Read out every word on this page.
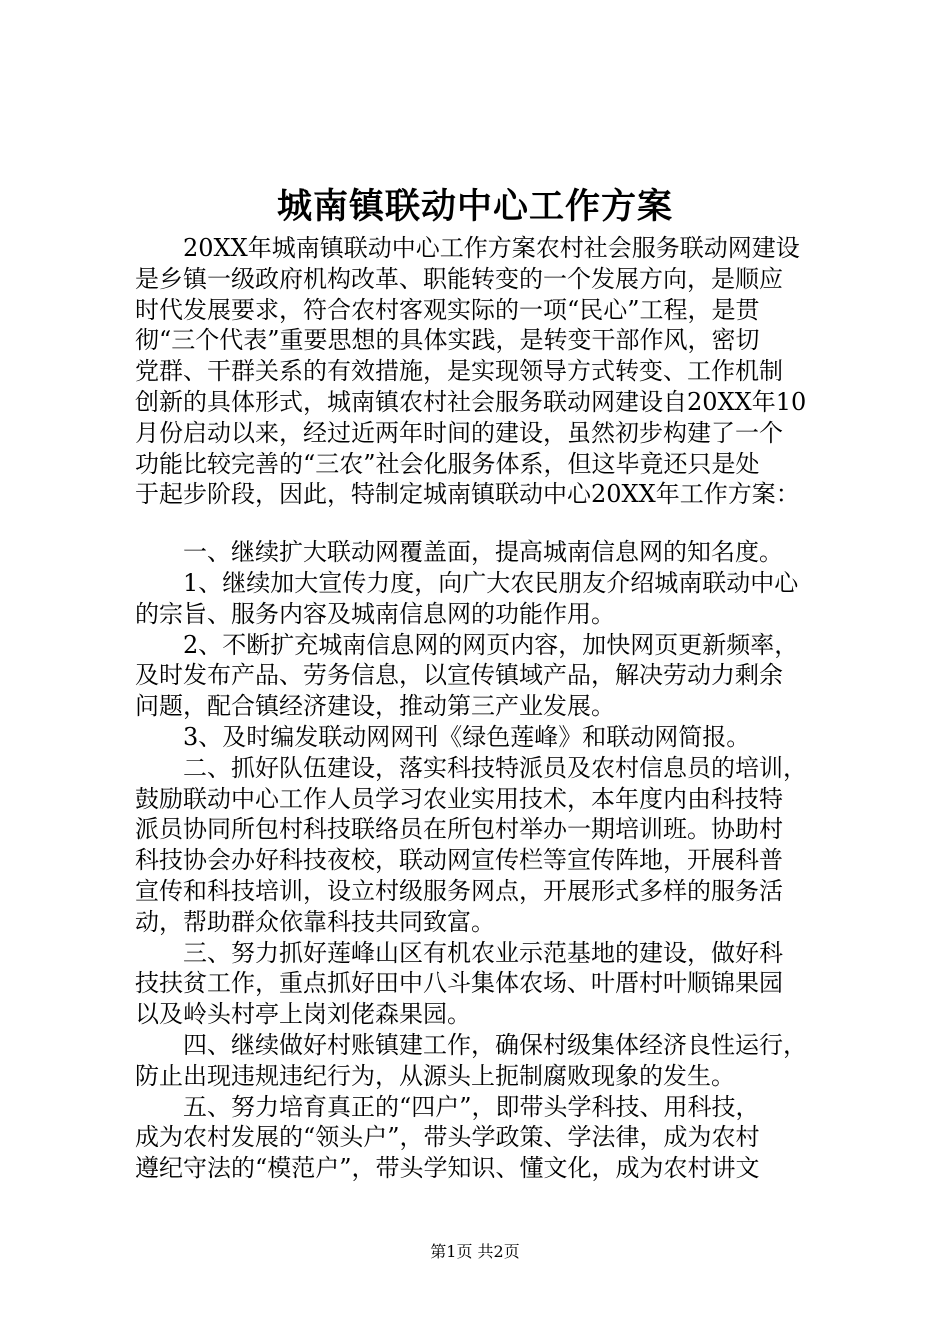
城南镇联动中心工作方案
　　20XX年城南镇联动中心工作方案农村社会服务联动网建设
是乡镇一级政府机构改革、职能转变的一个发展方向，是顺应
时代发展要求，符合农村客观实际的一项“民心”工程，是贯
彻“三个代表”重要思想的具体实践，是转变干部作风，密切
党群、干群关系的有效措施，是实现领导方式转变、工作机制
创新的具体形式，城南镇农村社会服务联动网建设自20XX年10
月份启动以来，经过近两年时间的建设，虽然初步构建了一个
功能比较完善的“三农”社会化服务体系，但这毕竟还只是处
于起步阶段，因此，特制定城南镇联动中心20XX年工作方案：
　　一、继续扩大联动网覆盖面，提高城南信息网的知名度。
　　1、继续加大宣传力度，向广大农民朋友介绍城南联动中心
的宗旨、服务内容及城南信息网的功能作用。
　　2、不断扩充城南信息网的网页内容，加快网页更新频率，
及时发布产品、劳务信息，以宣传镇域产品，解决劳动力剩余
问题，配合镇经济建设，推动第三产业发展。
　　3、及时编发联动网网刊《绿色莲峰》和联动网简报。
　　二、抓好队伍建设，落实科技特派员及农村信息员的培训，
鼓励联动中心工作人员学习农业实用技术，本年度内由科技特
派员协同所包村科技联络员在所包村举办一期培训班。协助村
科技协会办好科技夜校，联动网宣传栏等宣传阵地，开展科普
宣传和科技培训，设立村级服务网点，开展形式多样的服务活
动，帮助群众依靠科技共同致富。
　　三、努力抓好莲峰山区有机农业示范基地的建设，做好科
技扶贫工作，重点抓好田中八斗集体农场、叶厝村叶顺锦果园
以及岭头村亭上岗刘佬森果园。
　　四、继续做好村账镇建工作，确保村级集体经济良性运行，
防止出现违规违纪行为，从源头上扼制腐败现象的发生。
　　五、努力培育真正的“四户”，即带头学科技、用科技，
成为农村发展的“领头户”，带头学政策、学法律，成为农村
遵纪守法的“模范户”，带头学知识、懂文化，成为农村讲文
第1页 共2页
